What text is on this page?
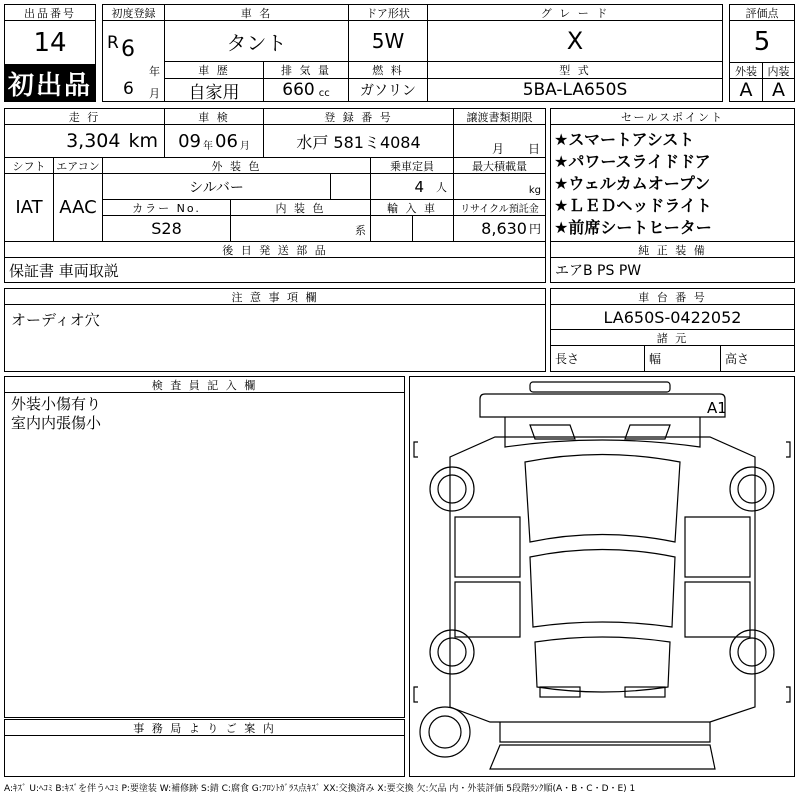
出品番号
14
初出品
初度登録
R 6
年
6 月
車 名
タント
ドア形状
5W
グ レ ー ド
X
評価点
5
車 歴
自家用
排 気 量
660 cc
燃 料
ガソリン
型 式
5BA-LA650S
外装 内装
A	A
走 行
3,304 km
車 検
09 年 06 月
登 録 番 号
水戸 581ミ4084
譲渡書類期限
月 日
シフト
IAT
エアコン
AAC
外 装 色
シルバー
乗車定員
4 人
最大積載量
kg
カラー No.
S28
内 装 色
系
輸 入 車	リサイクル預託金
8,630 円
セールスポイント
★スマートアシスト
★パワースライドドア
★ウェルカムオープン
★ＬＥＤヘッドライト
★前席シートヒーター
後 日 発 送 部 品
保証書 車両取説
純 正 装 備
エアB PS PW
注 意 事 項 欄
オーディオ穴
車 台 番 号
LA650S-0422052
諸 元
長さ	幅	高さ
検 査 員 記 入 欄
外装小傷有り
室内内張傷小
事 務 局 よ り ご 案 内
A1
A:ｷｽﾞ U:ﾍｺﾐ B:ｷｽﾞを伴うﾍｺﾐ P:要塗装 W:補修跡 S:錆 C:腐食 G:ﾌﾛﾝﾄｶﾞﾗｽ点ｷｽﾞ XX:交換済み X:要交換 欠:欠品 内・外装評価 5段階ﾗﾝｸ順(A・B・C・D・E) 1
